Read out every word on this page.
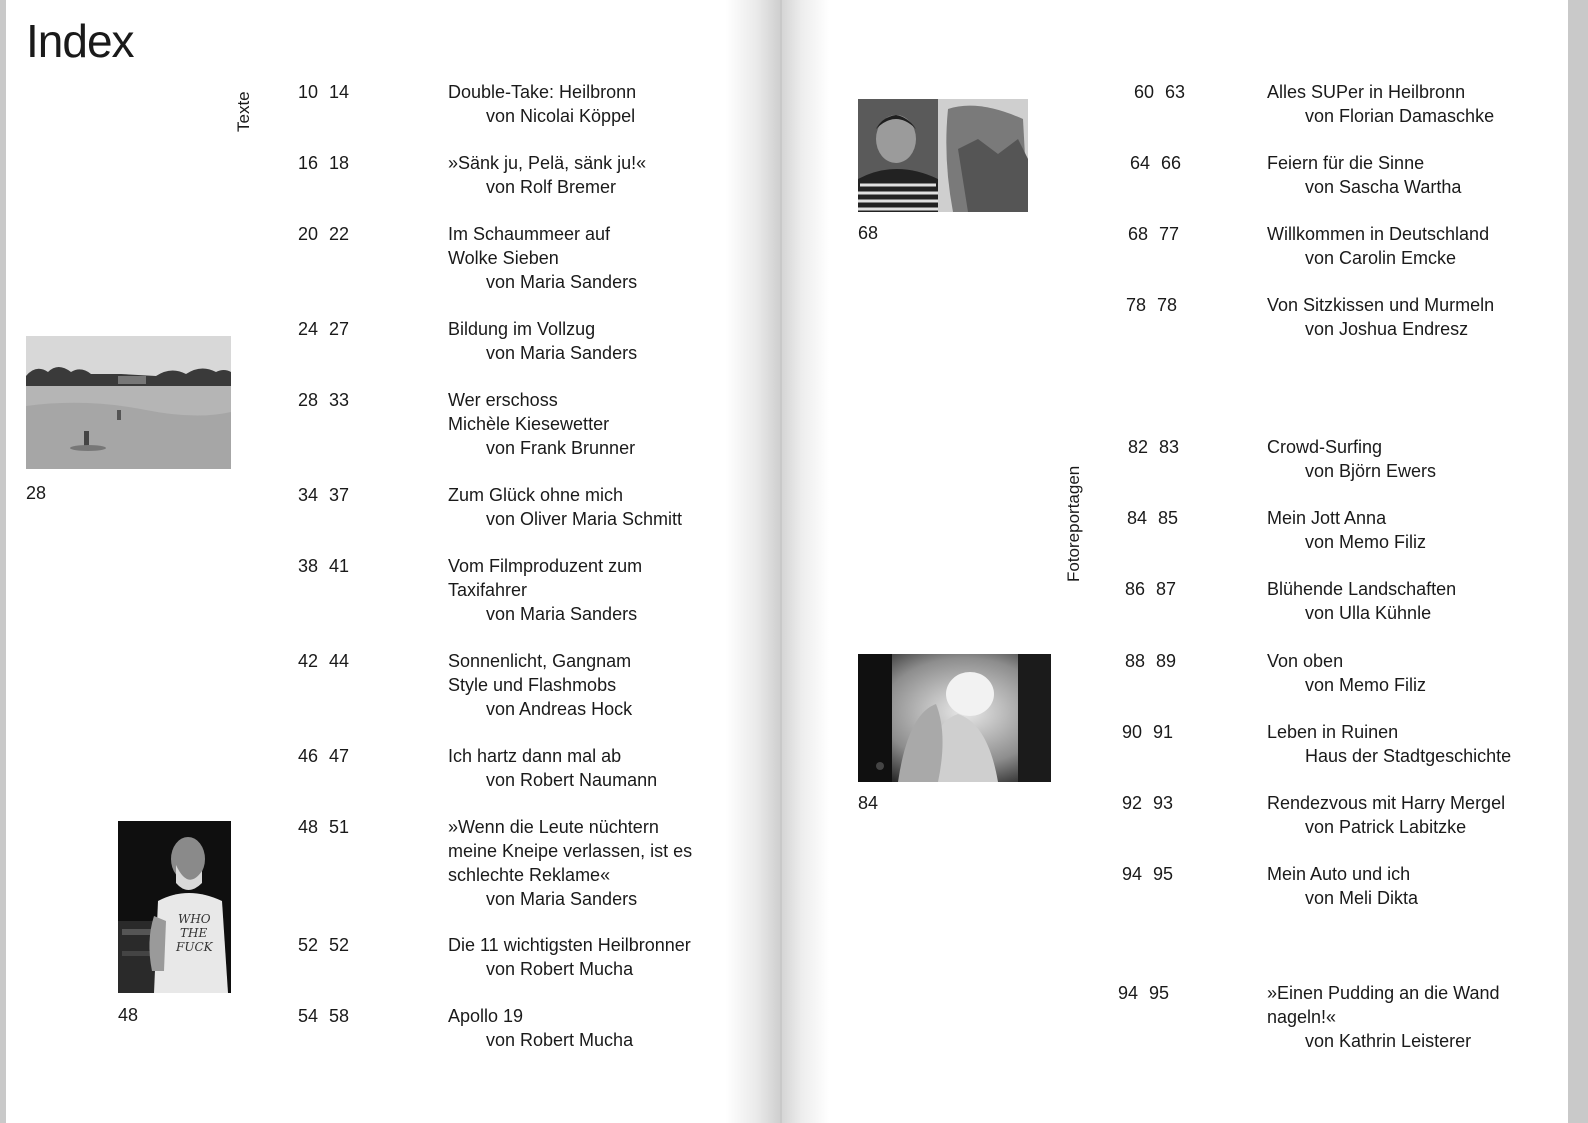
Index
Texte
28
WHO
THE
FUCK
48
10 14	Double-Take: Heilbronn
von Nicolai Köppel
16 18	»Sänk ju, Pelä, sänk ju!«
von Rolf Bremer
20 22	Im Schaummeer auf
Wolke Sieben
von Maria Sanders
24 27	Bildung im Vollzug
von Maria Sanders
28 33	Wer erschoss
Michèle Kiesewetter
von Frank Brunner
34 37	Zum Glück ohne mich
von Oliver Maria Schmitt
38 41	Vom Filmproduzent zum
Taxifahrer
von Maria Sanders
42 44	Sonnenlicht, Gangnam
Style und Flashmobs
von Andreas Hock
46 47	Ich hartz dann mal ab
von Robert Naumann
48 51	»Wenn die Leute nüchtern
meine Kneipe verlassen, ist es
schlechte Reklame«
von Maria Sanders
52 52	Die 11 wichtigsten Heilbronner
von Robert Mucha
54 58	Apollo 19
von Robert Mucha
68
84
Fotoreportagen
60 63	Alles SUPer in Heilbronn
von Florian Damaschke
64 66	Feiern für die Sinne
von Sascha Wartha
68 77	Willkommen in Deutschland
von Carolin Emcke
78 78	Von Sitzkissen und Murmeln
von Joshua Endresz
82 83	Crowd-Surfing
von Björn Ewers
84 85	Mein Jott Anna
von Memo Filiz
86 87	Blühende Landschaften
von Ulla Kühnle
88 89	Von oben
von Memo Filiz
90 91	Leben in Ruinen
Haus der Stadtgeschichte
92 93	Rendezvous mit Harry Mergel
von Patrick Labitzke
94 95	Mein Auto und ich
von Meli Dikta
94 95	»Einen Pudding an die Wand
nageln!«
von Kathrin Leisterer
